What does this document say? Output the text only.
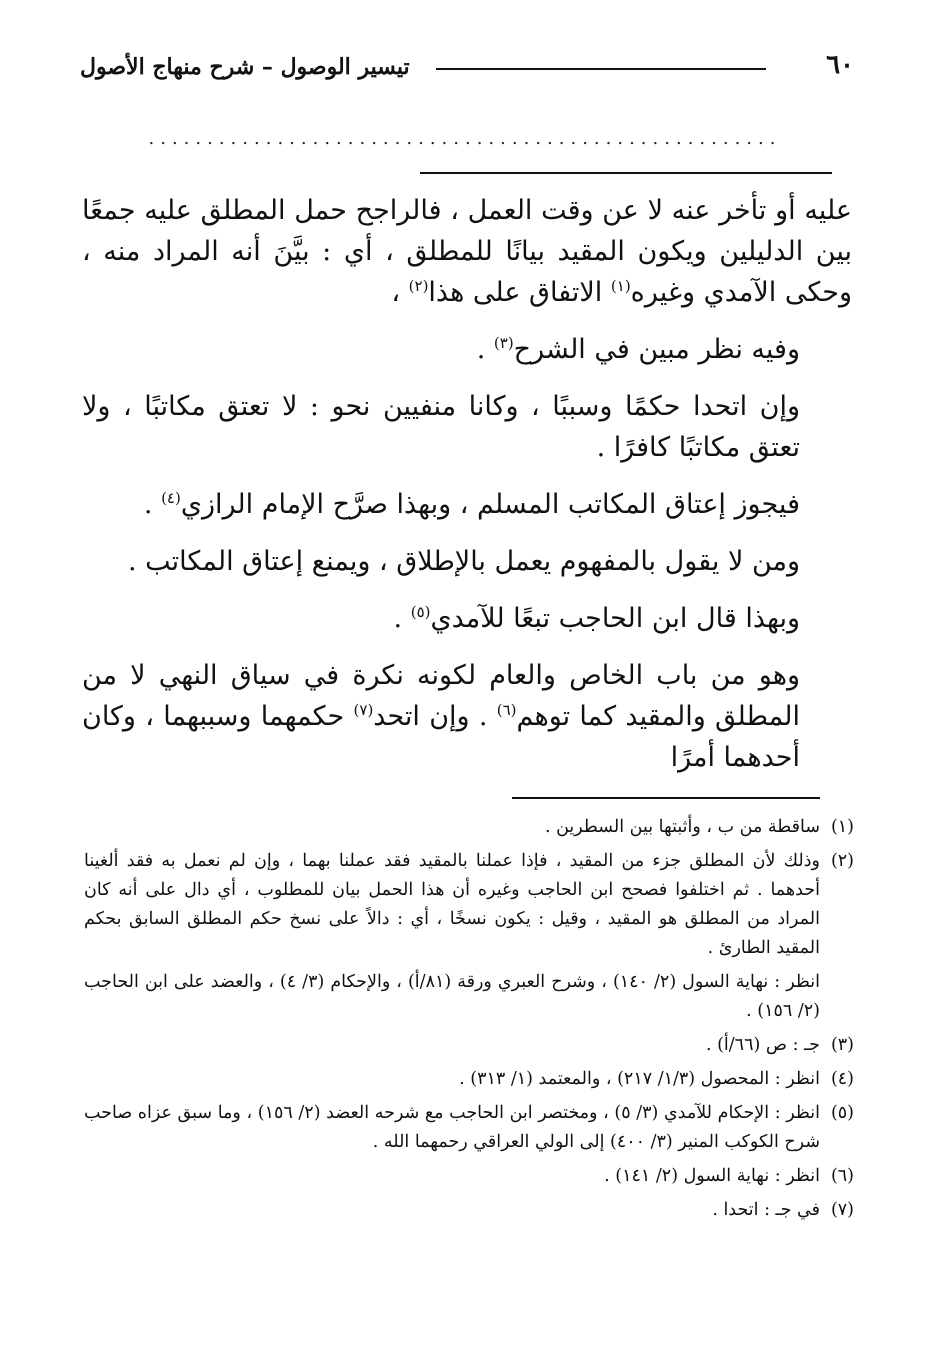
٦٠
تيسير الوصول – شرح منهاج الأصول
......................................................

عليه أو تأخر عنه لا عن وقت العمل ، فالراجح حمل المطلق عليه جمعًا بين الدليلين ويكون المقيد بيانًا للمطلق ، أي : بيَّنَ أنه المراد منه ، وحكى الآمدي وغيره$^{(١)}$ الاتفاق على هذا$^{(٢)}$ ،

وفيه نظر مبين في الشرح$^{(٣)}$ .

وإن اتحدا حكمًا وسببًا ، وكانا منفيين نحو : لا تعتق مكاتبًا ، ولا تعتق مكاتبًا كافرًا .

فيجوز إعتاق المكاتب المسلم ، وبهذا صرَّح الإمام الرازي$^{(٤)}$ .

ومن لا يقول بالمفهوم يعمل بالإطلاق ، ويمنع إعتاق المكاتب .

وبهذا قال ابن الحاجب تبعًا للآمدي$^{(٥)}$ .

وهو من باب الخاص والعام لكونه نكرة في سياق النهي لا من المطلق والمقيد كما توهم$^{(٦)}$ . وإن اتحد$^{(٧)}$ حكمهما وسببهما ، وكان أحدهما أمرًا

(١)
ساقطة من ب ، وأثبتها بين السطرين .

(٢)
وذلك لأن المطلق جزء من المقيد ، فإذا عملنا بالمقيد فقد عملنا بهما ، وإن لم نعمل به فقد ألغينا أحدهما . ثم اختلفوا فصحح ابن الحاجب وغيره أن هذا الحمل بيان للمطلوب ، أي دال على أنه كان المراد من المطلق هو المقيد ، وقيل : يكون نسخًا ، أي : دالاً على نسخ حكم المطلق السابق بحكم المقيد الطارئ .

انظر : نهاية السول (٢/ ١٤٠) ، وشرح العبري ورقة (٨١/أ) ، والإحكام (٣/ ٤) ، والعضد على ابن الحاجب (٢/ ١٥٦) .

(٣)
جـ : ص (٦٦/أ) .

(٤)
انظر : المحصول (١/٣/ ٢١٧) ، والمعتمد (١/ ٣١٣) .

(٥)
انظر : الإحكام للآمدي (٣/ ٥) ، ومختصر ابن الحاجب مع شرحه العضد (٢/ ١٥٦) ، وما سبق عزاه صاحب شرح الكوكب المنير (٣/ ٤٠٠) إلى الولي العراقي رحمهما الله .

(٦)
انظر : نهاية السول (٢/ ١٤١) .

(٧)
في جـ : اتحدا .
